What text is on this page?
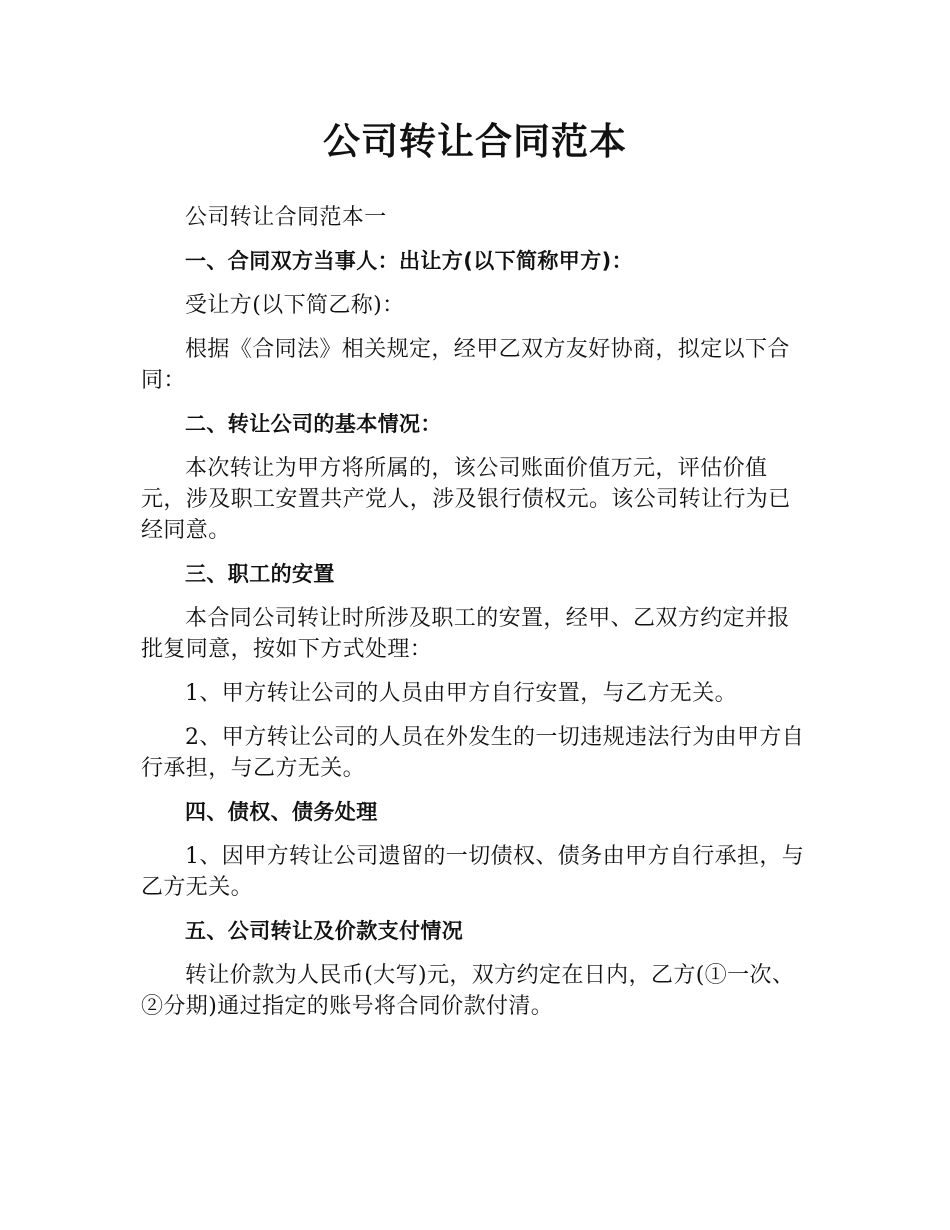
公司转让合同范本

公司转让合同范本一

一、合同双方当事人：出让方(以下简称甲方)：

受让方(以下简乙称)：

根据《合同法》相关规定，经甲乙双方友好协商，拟定以下合同：

二、转让公司的基本情况：

本次转让为甲方将所属的，该公司账面价值万元，评估价值元，涉及职工安置共产党人，涉及银行债权元。该公司转让行为已经同意。

三、职工的安置

本合同公司转让时所涉及职工的安置，经甲、乙双方约定并报批复同意，按如下方式处理：

1、甲方转让公司的人员由甲方自行安置，与乙方无关。

2、甲方转让公司的人员在外发生的一切违规违法行为由甲方自行承担，与乙方无关。

四、债权、债务处理

1、因甲方转让公司遗留的一切债权、债务由甲方自行承担，与乙方无关。

五、公司转让及价款支付情况

转让价款为人民币(大写)元，双方约定在日内，乙方(①一次、②分期)通过指定的账号将合同价款付清。
